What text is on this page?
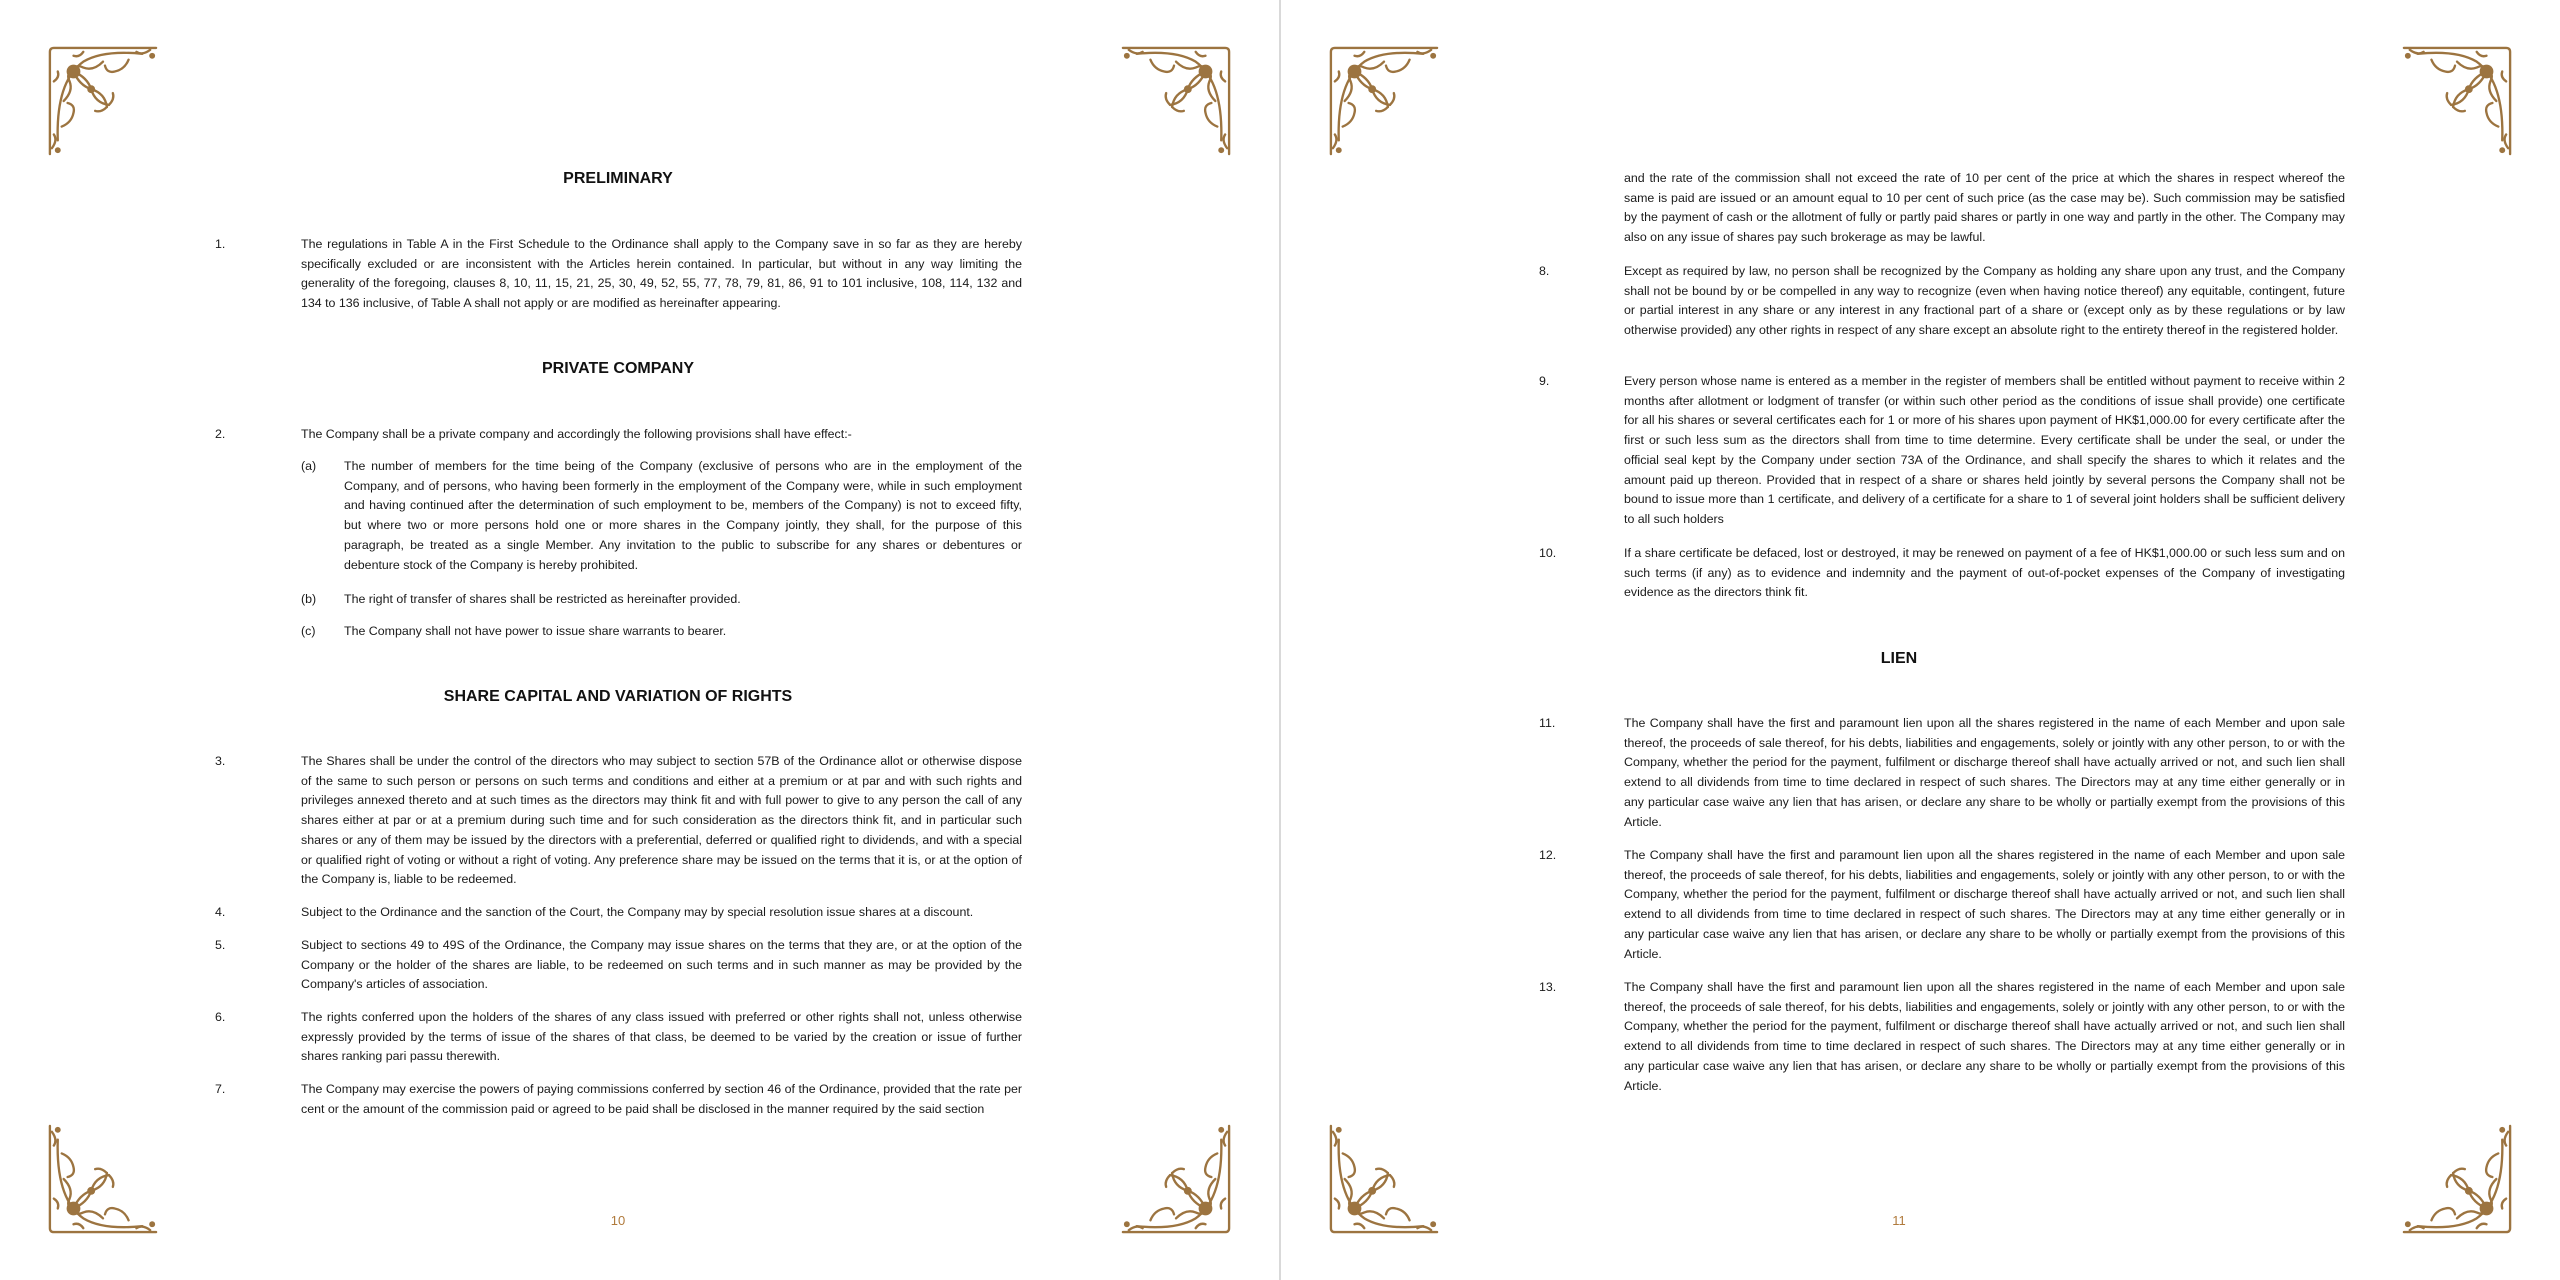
PRELIMINARY
1.	The regulations in Table A in the First Schedule to the Ordinance shall apply to the Company save in so far as they are hereby specifically excluded or are inconsistent with the Articles herein contained. In particular, but without in any way limiting the generality of the foregoing, clauses 8, 10, 11, 15, 21, 25, 30, 49, 52, 55, 77, 78, 79, 81, 86, 91 to 101 inclusive, 108, 114, 132 and 134 to 136 inclusive, of Table A shall not apply or are modified as hereinafter appearing.
PRIVATE COMPANY
2.	The Company shall be a private company and accordingly the following provisions shall have effect:-
(a) The number of members for the time being of the Company (exclusive of persons who are in the employment of the Company, and of persons, who having been formerly in the employment of the Company were, while in such employment and having continued after the determination of such employment to be, members of the Company) is not to exceed fifty, but where two or more persons hold one or more shares in the Company jointly, they shall, for the purpose of this paragraph, be treated as a single Member. Any invitation to the public to subscribe for any shares or debentures or debenture stock of the Company is hereby prohibited.
(b) The right of transfer of shares shall be restricted as hereinafter provided.
(c) The Company shall not have power to issue share warrants to bearer.
SHARE CAPITAL AND VARIATION OF RIGHTS
3.	The Shares shall be under the control of the directors who may subject to section 57B of the Ordinance allot or otherwise dispose of the same to such person or persons on such terms and conditions and either at a premium or at par and with such rights and privileges annexed thereto and at such times as the directors may think fit and with full power to give to any person the call of any shares either at par or at a premium during such time and for such consideration as the directors think fit, and in particular such shares or any of them may be issued by the directors with a preferential, deferred or qualified right to dividends, and with a special or qualified right of voting or without a right of voting. Any preference share may be issued on the terms that it is, or at the option of the Company is, liable to be redeemed.
4.	Subject to the Ordinance and the sanction of the Court, the Company may by special resolution issue shares at a discount.
5.	Subject to sections 49 to 49S of the Ordinance, the Company may issue shares on the terms that they are, or at the option of the Company or the holder of the shares are liable, to be redeemed on such terms and in such manner as may be provided by the Company's articles of association.
6.	The rights conferred upon the holders of the shares of any class issued with preferred or other rights shall not, unless otherwise expressly provided by the terms of issue of the shares of that class, be deemed to be varied by the creation or issue of further shares ranking pari passu therewith.
7.	The Company may exercise the powers of paying commissions conferred by section 46 of the Ordinance, provided that the rate per cent or the amount of the commission paid or agreed to be paid shall be disclosed in the manner required by the said section
10
and the rate of the commission shall not exceed the rate of 10 per cent of the price at which the shares in respect whereof the same is paid are issued or an amount equal to 10 per cent of such price (as the case may be). Such commission may be satisfied by the payment of cash or the allotment of fully or partly paid shares or partly in one way and partly in the other. The Company may also on any issue of shares pay such brokerage as may be lawful.
8.	Except as required by law, no person shall be recognized by the Company as holding any share upon any trust, and the Company shall not be bound by or be compelled in any way to recognize (even when having notice thereof) any equitable, contingent, future or partial interest in any share or any interest in any fractional part of a share or (except only as by these regulations or by law otherwise provided) any other rights in respect of any share except an absolute right to the entirety thereof in the registered holder.
9.	Every person whose name is entered as a member in the register of members shall be entitled without payment to receive within 2 months after allotment or lodgment of transfer (or within such other period as the conditions of issue shall provide) one certificate for all his shares or several certificates each for 1 or more of his shares upon payment of HK$1,000.00 for every certificate after the first or such less sum as the directors shall from time to time determine. Every certificate shall be under the seal, or under the official seal kept by the Company under section 73A of the Ordinance, and shall specify the shares to which it relates and the amount paid up thereon. Provided that in respect of a share or shares held jointly by several persons the Company shall not be bound to issue more than 1 certificate, and delivery of a certificate for a share to 1 of several joint holders shall be sufficient delivery to all such holders
10.	If a share certificate be defaced, lost or destroyed, it may be renewed on payment of a fee of HK$1,000.00 or such less sum and on such terms (if any) as to evidence and indemnity and the payment of out-of-pocket expenses of the Company of investigating evidence as the directors think fit.
LIEN
11.	The Company shall have the first and paramount lien upon all the shares registered in the name of each Member and upon sale thereof, the proceeds of sale thereof, for his debts, liabilities and engagements, solely or jointly with any other person, to or with the Company, whether the period for the payment, fulfilment or discharge thereof shall have actually arrived or not, and such lien shall extend to all dividends from time to time declared in respect of such shares. The Directors may at any time either generally or in any particular case waive any lien that has arisen, or declare any share to be wholly or partially exempt from the provisions of this Article.
12.	The Company shall have the first and paramount lien upon all the shares registered in the name of each Member and upon sale thereof, the proceeds of sale thereof, for his debts, liabilities and engagements, solely or jointly with any other person, to or with the Company, whether the period for the payment, fulfilment or discharge thereof shall have actually arrived or not, and such lien shall extend to all dividends from time to time declared in respect of such shares. The Directors may at any time either generally or in any particular case waive any lien that has arisen, or declare any share to be wholly or partially exempt from the provisions of this Article.
13.	The Company shall have the first and paramount lien upon all the shares registered in the name of each Member and upon sale thereof, the proceeds of sale thereof, for his debts, liabilities and engagements, solely or jointly with any other person, to or with the Company, whether the period for the payment, fulfilment or discharge thereof shall have actually arrived or not, and such lien shall extend to all dividends from time to time declared in respect of such shares. The Directors may at any time either generally or in any particular case waive any lien that has arisen, or declare any share to be wholly or partially exempt from the provisions of this Article.
11
